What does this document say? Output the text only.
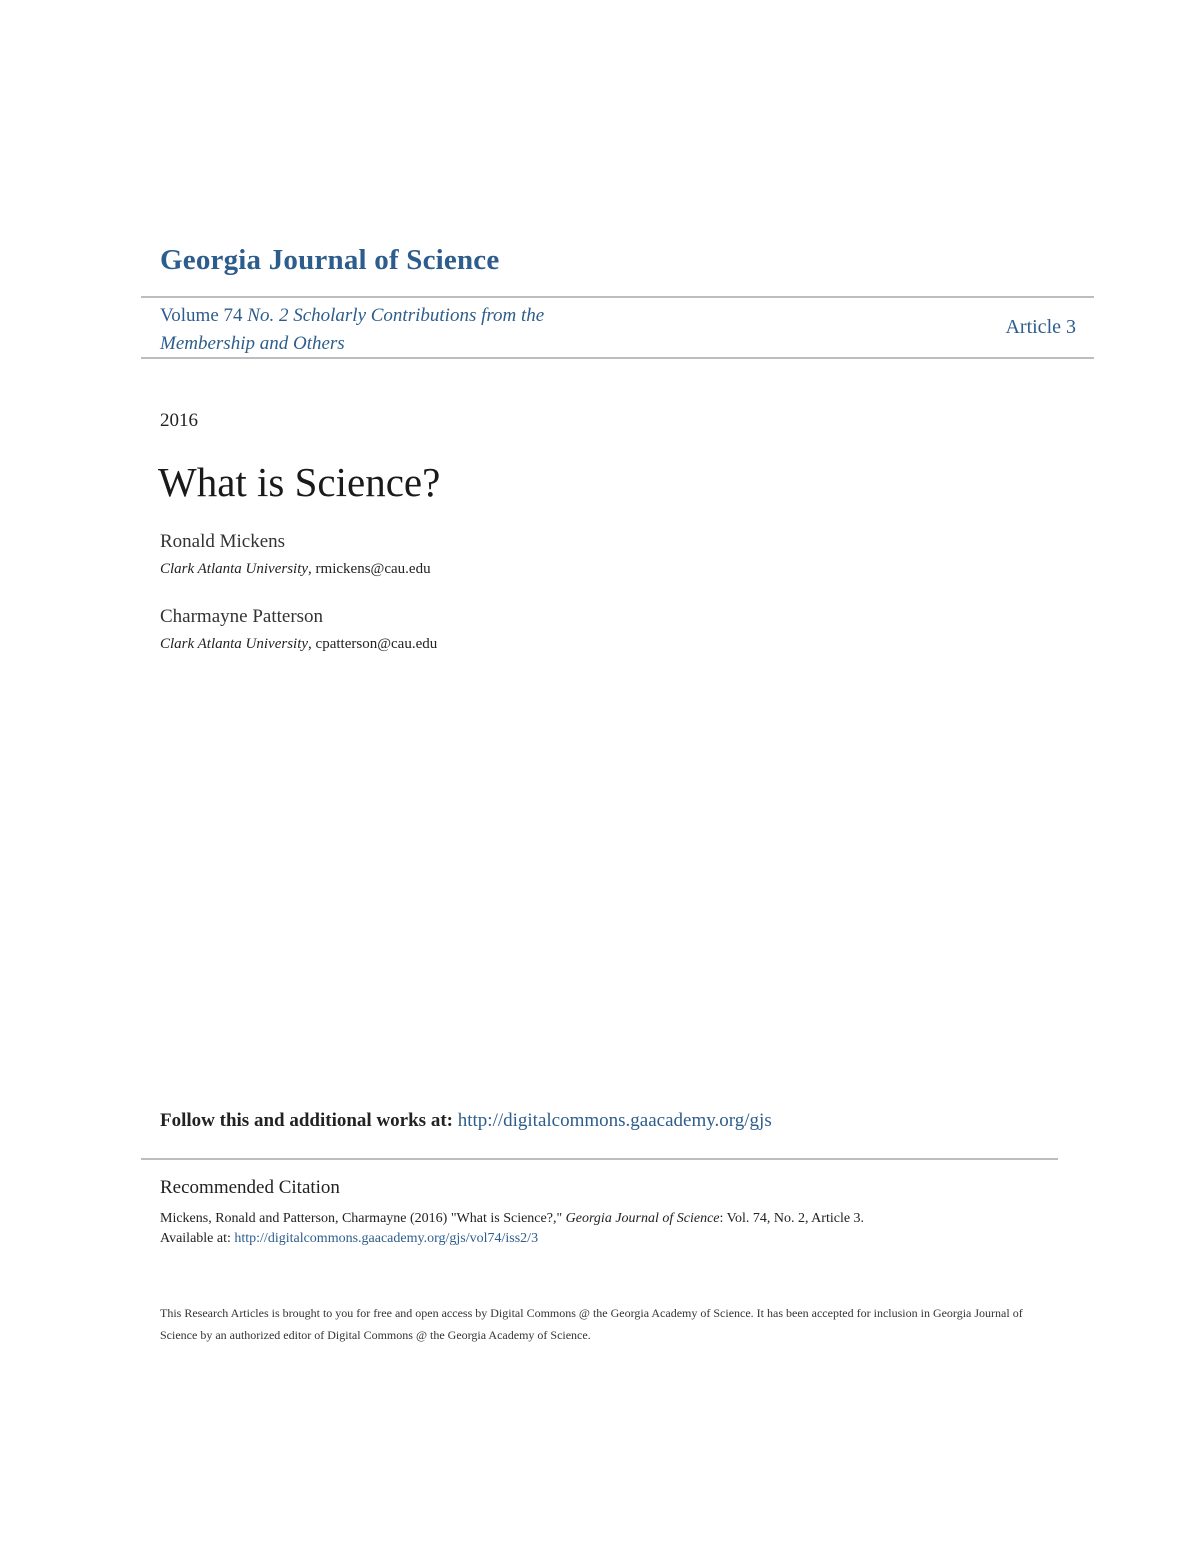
Georgia Journal of Science
Volume 74 No. 2 Scholarly Contributions from the Membership and Others
Article 3
2016
What is Science?
Ronald Mickens
Clark Atlanta University, rmickens@cau.edu
Charmayne Patterson
Clark Atlanta University, cpatterson@cau.edu
Follow this and additional works at: http://digitalcommons.gaacademy.org/gjs
Recommended Citation
Mickens, Ronald and Patterson, Charmayne (2016) "What is Science?," Georgia Journal of Science: Vol. 74, No. 2, Article 3.
Available at: http://digitalcommons.gaacademy.org/gjs/vol74/iss2/3
This Research Articles is brought to you for free and open access by Digital Commons @ the Georgia Academy of Science. It has been accepted for inclusion in Georgia Journal of Science by an authorized editor of Digital Commons @ the Georgia Academy of Science.
